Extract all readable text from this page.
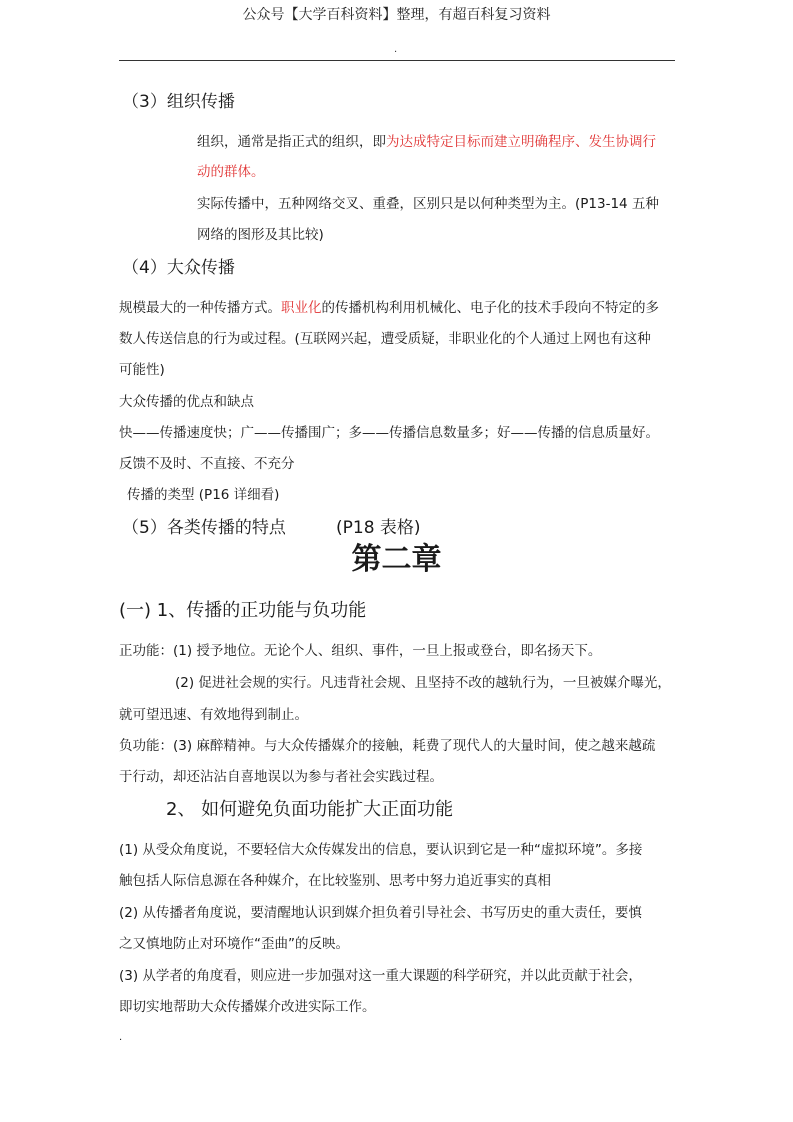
公众号【大学百科资料】整理，有超百科复习资料
.
（3）组织传播
组织，通常是指正式的组织，即为达成特定目标而建立明确程序、发生协调行
动的群体。
实际传播中，五种网络交叉、重叠，区别只是以何种类型为主。(P13-14 五种
网络的图形及其比较)
（4）大众传播
规模最大的一种传播方式。职业化的传播机构利用机械化、电子化的技术手段向不特定的多
数人传送信息的行为或过程。(互联网兴起，遭受质疑，非职业化的个人通过上网也有这种
可能性)
大众传播的优点和缺点
快——传播速度快；广——传播围广；多——传播信息数量多；好——传播的信息质量好。
反馈不及时、不直接、不充分
传播的类型 (P16 详细看)
（5）各类传播的特点	(P18 表格)
第二章
(一) 1、传播的正功能与负功能
正功能：(1) 授予地位。无论个人、组织、事件，一旦上报或登台，即名扬天下。
(2) 促进社会规的实行。凡违背社会规、且坚持不改的越轨行为，一旦被媒介曝光，
就可望迅速、有效地得到制止。
负功能：(3) 麻醉精神。与大众传播媒介的接触，耗费了现代人的大量时间，使之越来越疏
于行动，却还沾沾自喜地误以为参与者社会实践过程。
2、 如何避免负面功能扩大正面功能
(1) 从受众角度说，不要轻信大众传媒发出的信息，要认识到它是一种“虚拟环境”。多接
触包括人际信息源在各种媒介，在比较鉴别、思考中努力追近事实的真相
(2) 从传播者角度说，要清醒地认识到媒介担负着引导社会、书写历史的重大责任，要慎
之又慎地防止对环境作“歪曲”的反映。
(3) 从学者的角度看，则应进一步加强对这一重大课题的科学研究，并以此贡献于社会，
即切实地帮助大众传播媒介改进实际工作。
.
